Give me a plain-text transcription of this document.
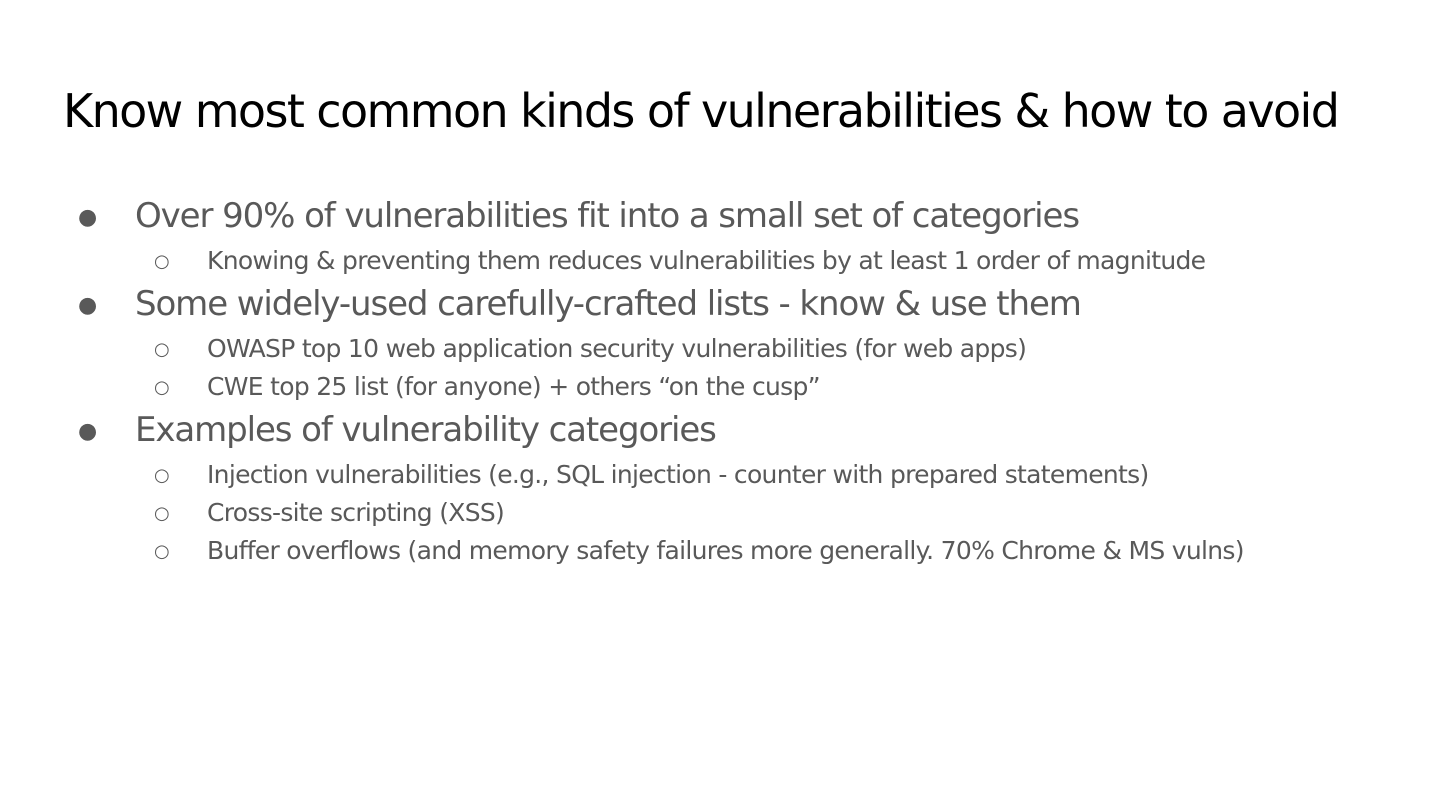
Know most common kinds of vulnerabilities & how to avoid
● Over 90% of vulnerabilities fit into a small set of categories
○ Knowing & preventing them reduces vulnerabilities by at least 1 order of magnitude
● Some widely-used carefully-crafted lists - know & use them
○ OWASP top 10 web application security vulnerabilities (for web apps)
○ CWE top 25 list (for anyone) + others “on the cusp”
● Examples of vulnerability categories
○ Injection vulnerabilities (e.g., SQL injection - counter with prepared statements)
○ Cross-site scripting (XSS)
○ Buffer overflows (and memory safety failures more generally. 70% Chrome & MS vulns)
